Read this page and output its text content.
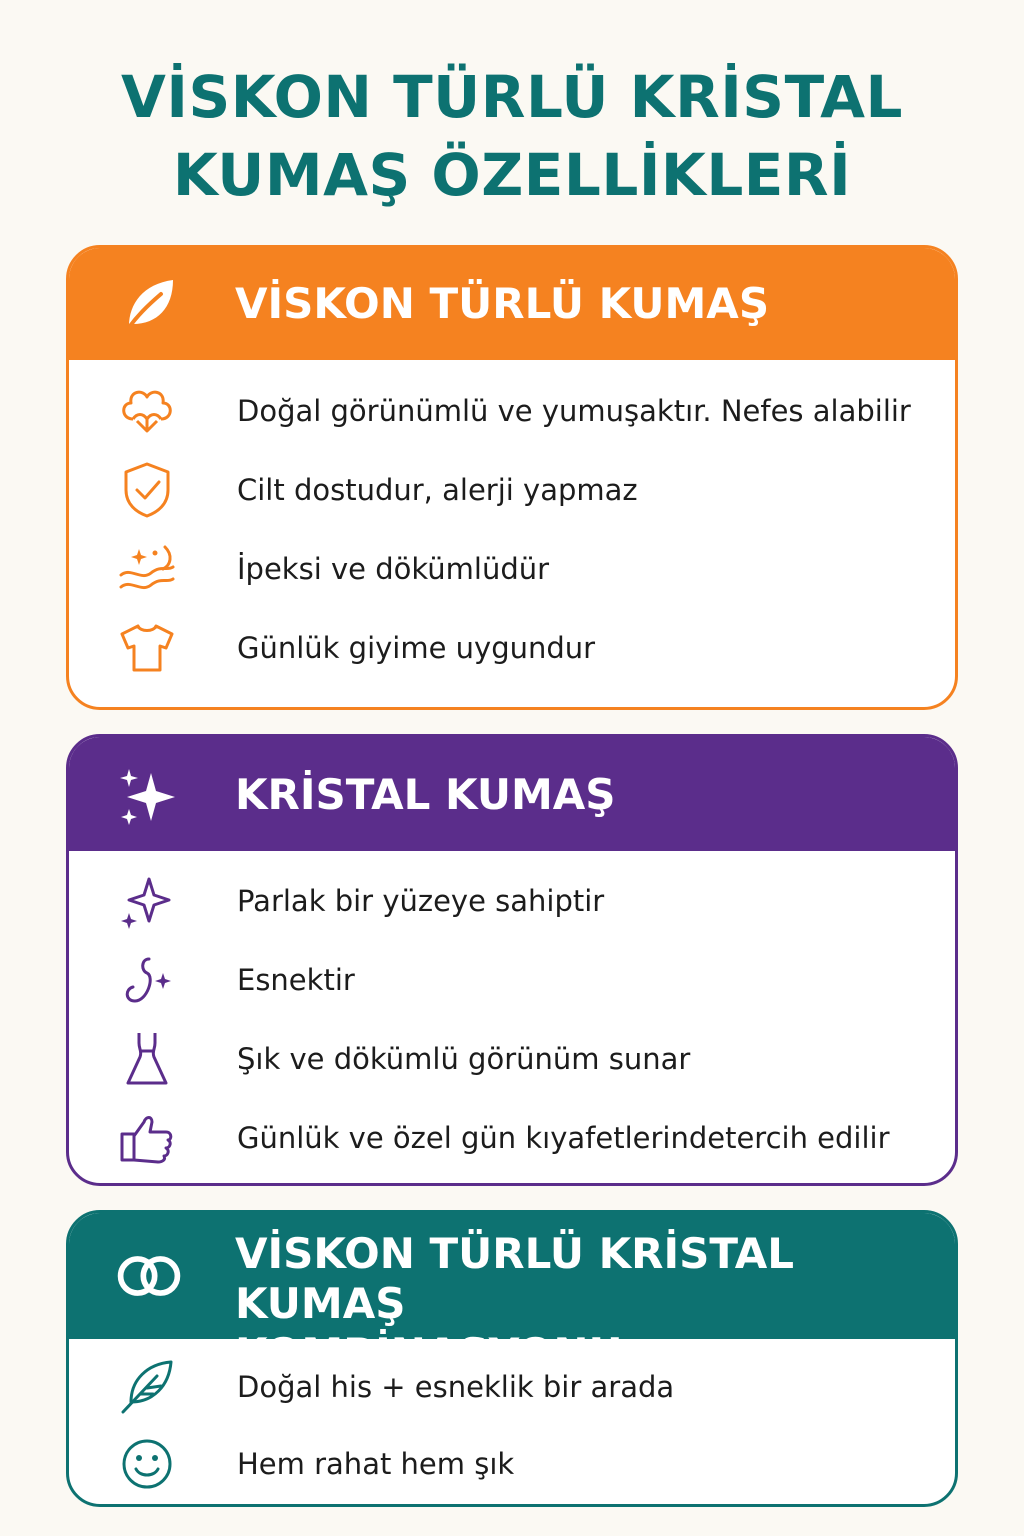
VİSKON TÜRLÜ KRİSTAL
KUMAŞ ÖZELLİKLERİ
VİSKON TÜRLÜ KUMAŞ
Doğal görünümlü ve yumuşaktır. Nefes alabilir
Cilt dostudur, alerji yapmaz
İpeksi ve dökümlüdür
Günlük giyime uygundur
KRİSTAL KUMAŞ
Parlak bir yüzeye sahiptir
Esnektir
Şık ve dökümlü görünüm sunar
Günlük ve özel gün kıyafetlerindetercih edilir
VİSKON TÜRLÜ KRİSTAL KUMAŞ
KOMBİNASYONU
Doğal his + esneklik bir arada
Hem rahat hem şık
